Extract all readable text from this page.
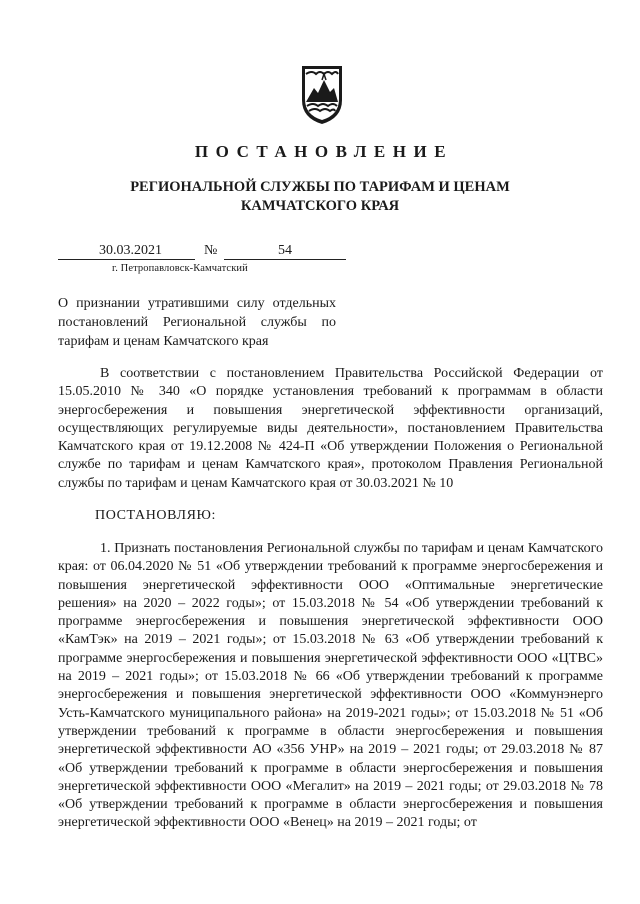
ПОСТАНОВЛЕНИЕ
РЕГИОНАЛЬНОЙ СЛУЖБЫ ПО ТАРИФАМ И ЦЕНАМ
КАМЧАТСКОГО КРАЯ
30.03.2021	№	54
г. Петропавловск-Камчатский
О признании утратившими силу отдельных
постановлений Региональной службы по
тарифам и ценам Камчатского края
В соответствии с постановлением Правительства Российской Федерации от 15.05.2010 № 340 «О порядке установления требований к программам в области энергосбережения и повышения энергетической эффективности организаций, осуществляющих регулируемые виды деятельности», постановлением Правительства Камчатского края от 19.12.2008 № 424-П «Об утверждении Положения о Региональной службе по тарифам и ценам Камчатского края», протоколом Правления Региональной службы по тарифам и ценам Камчатского края от 30.03.2021 № 10
ПОСТАНОВЛЯЮ:
1. Признать постановления Региональной службы по тарифам и ценам Камчатского края: от 06.04.2020 № 51 «Об утверждении требований к программе энергосбережения и повышения энергетической эффективности ООО «Оптимальные энергетические решения» на 2020 – 2022 годы»; от 15.03.2018 № 54 «Об утверждении требований к программе энергосбережения и повышения энергетической эффективности ООО «КамТэк» на 2019 – 2021 годы»; от 15.03.2018 № 63 «Об утверждении требований к программе энергосбережения и повышения энергетической эффективности ООО «ЦТВС» на 2019 – 2021 годы»; от 15.03.2018 № 66 «Об утверждении требований к программе энергосбережения и повышения энергетической эффективности ООО «Коммунэнерго Усть-Камчатского муниципального района» на 2019-2021 годы»; от 15.03.2018 № 51 «Об утверждении требований к программе в области энергосбережения и повышения энергетической эффективности АО «356 УНР» на 2019 – 2021 годы; от 29.03.2018 № 87 «Об утверждении требований к программе в области энергосбережения и повышения энергетической эффективности ООО «Мегалит» на 2019 – 2021 годы; от 29.03.2018 № 78 «Об утверждении требований к программе в области энергосбережения и повышения энергетической эффективности ООО «Венец» на 2019 – 2021 годы; от
